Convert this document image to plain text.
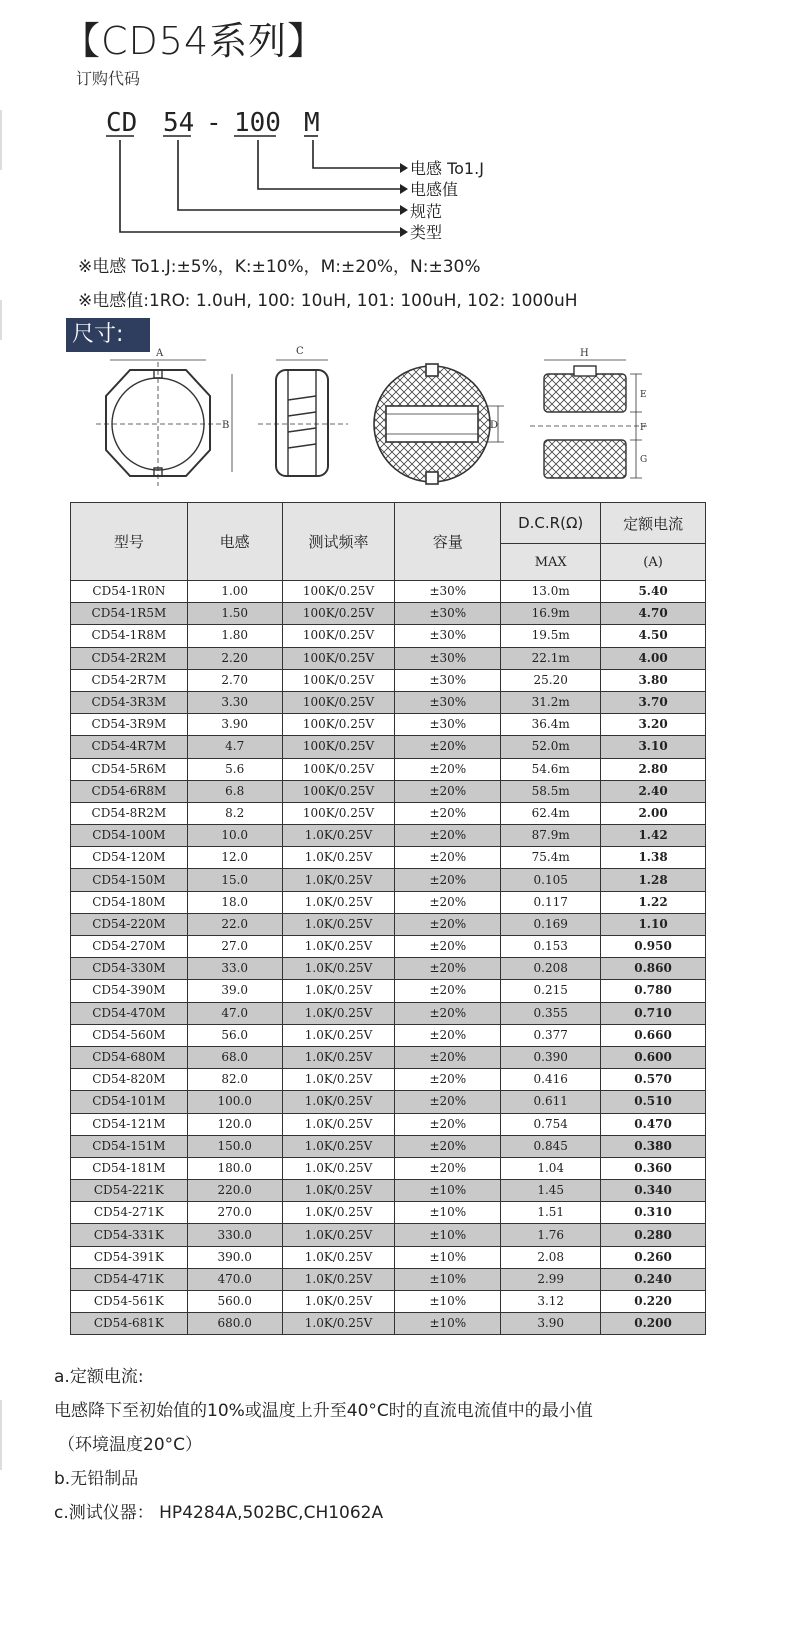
【CD54系列】
订购代码
CD 54 - 100 M
电感 To1.J
电感值
规范
类型
※电感 To1.J:±5%，K:±10%，M:±20%，N:±30%
※电感值:1RO: 1.0uH, 100: 10uH, 101: 100uH, 102: 1000uH
尺寸:
A
B
C
D
H
E
F
G
型号	电感	测试频率	容量	D.C.R(Ω)	定额电流
				MAX	(A)
CD54-1R0N	1.00	100K/0.25V	±30%	13.0m	5.40
CD54-1R5M	1.50	100K/0.25V	±30%	16.9m	4.70
CD54-1R8M	1.80	100K/0.25V	±30%	19.5m	4.50
CD54-2R2M	2.20	100K/0.25V	±30%	22.1m	4.00
CD54-2R7M	2.70	100K/0.25V	±30%	25.20	3.80
CD54-3R3M	3.30	100K/0.25V	±30%	31.2m	3.70
CD54-3R9M	3.90	100K/0.25V	±30%	36.4m	3.20
CD54-4R7M	4.7	100K/0.25V	±20%	52.0m	3.10
CD54-5R6M	5.6	100K/0.25V	±20%	54.6m	2.80
CD54-6R8M	6.8	100K/0.25V	±20%	58.5m	2.40
CD54-8R2M	8.2	100K/0.25V	±20%	62.4m	2.00
CD54-100M	10.0	1.0K/0.25V	±20%	87.9m	1.42
CD54-120M	12.0	1.0K/0.25V	±20%	75.4m	1.38
CD54-150M	15.0	1.0K/0.25V	±20%	0.105	1.28
CD54-180M	18.0	1.0K/0.25V	±20%	0.117	1.22
CD54-220M	22.0	1.0K/0.25V	±20%	0.169	1.10
CD54-270M	27.0	1.0K/0.25V	±20%	0.153	0.950
CD54-330M	33.0	1.0K/0.25V	±20%	0.208	0.860
CD54-390M	39.0	1.0K/0.25V	±20%	0.215	0.780
CD54-470M	47.0	1.0K/0.25V	±20%	0.355	0.710
CD54-560M	56.0	1.0K/0.25V	±20%	0.377	0.660
CD54-680M	68.0	1.0K/0.25V	±20%	0.390	0.600
CD54-820M	82.0	1.0K/0.25V	±20%	0.416	0.570
CD54-101M	100.0	1.0K/0.25V	±20%	0.611	0.510
CD54-121M	120.0	1.0K/0.25V	±20%	0.754	0.470
CD54-151M	150.0	1.0K/0.25V	±20%	0.845	0.380
CD54-181M	180.0	1.0K/0.25V	±20%	1.04	0.360
CD54-221K	220.0	1.0K/0.25V	±10%	1.45	0.340
CD54-271K	270.0	1.0K/0.25V	±10%	1.51	0.310
CD54-331K	330.0	1.0K/0.25V	±10%	1.76	0.280
CD54-391K	390.0	1.0K/0.25V	±10%	2.08	0.260
CD54-471K	470.0	1.0K/0.25V	±10%	2.99	0.240
CD54-561K	560.0	1.0K/0.25V	±10%	3.12	0.220
CD54-681K	680.0	1.0K/0.25V	±10%	3.90	0.200
a.定额电流:
电感降下至初始值的10%或温度上升至40°C时的直流电流值中的最小值
（环境温度20°C）
b.无铅制品
c.测试仪器： HP4284A,502BC,CH1062A
